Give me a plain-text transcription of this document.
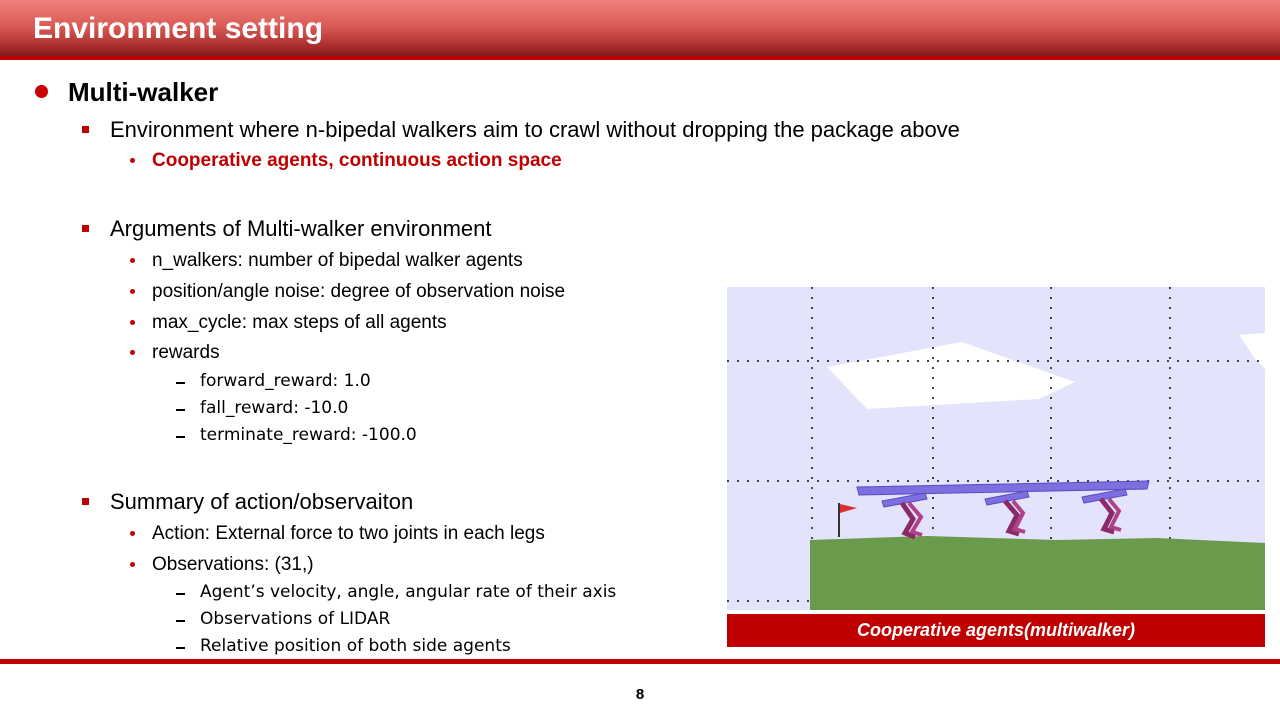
Environment setting
Multi-walker
Environment where n-bipedal walkers aim to crawl without dropping the package above
Cooperative agents, continuous action space
Arguments of Multi-walker environment
n_walkers: number of bipedal walker agents
position/angle noise: degree of observation noise
max_cycle: max steps of all agents
rewards
forward_reward: 1.0
fall_reward: -10.0
terminate_reward: -100.0
Summary of action/observaiton
Action: External force to two joints in each legs
Observations: (31,)
Agent’s velocity, angle, angular rate of their axis
Observations of LIDAR
Relative position of both side agents
Cooperative agents(multiwalker)
8
